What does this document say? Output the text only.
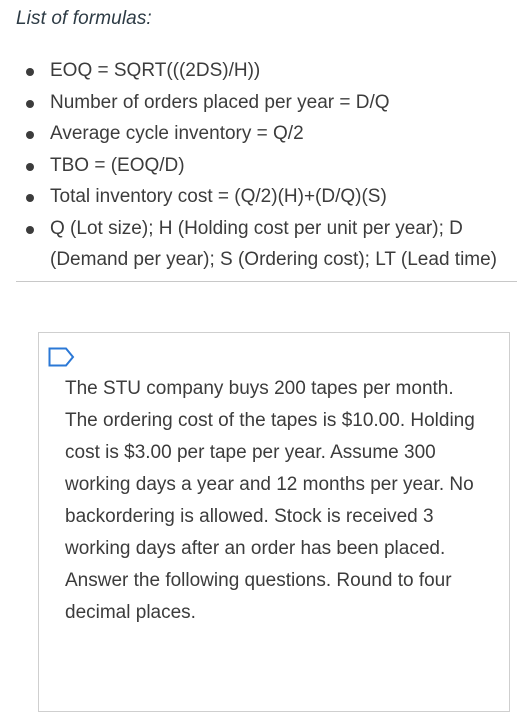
List of formulas:
EOQ = SQRT(((2DS)/H))
Number of orders placed per year = D/Q
Average cycle inventory = Q/2
TBO = (EOQ/D)
Total inventory cost = (Q/2)(H)+(D/Q)(S)
Q (Lot size); H (Holding cost per unit per year); D (Demand per year); S (Ordering cost); LT (Lead time)

The STU company buys 200 tapes per month. The ordering cost of the tapes is $10.00. Holding cost is $3.00 per tape per year. Assume 300 working days a year and 12 months per year. No backordering is allowed. Stock is received 3 working days after an order has been placed. Answer the following questions. Round to four decimal places.
